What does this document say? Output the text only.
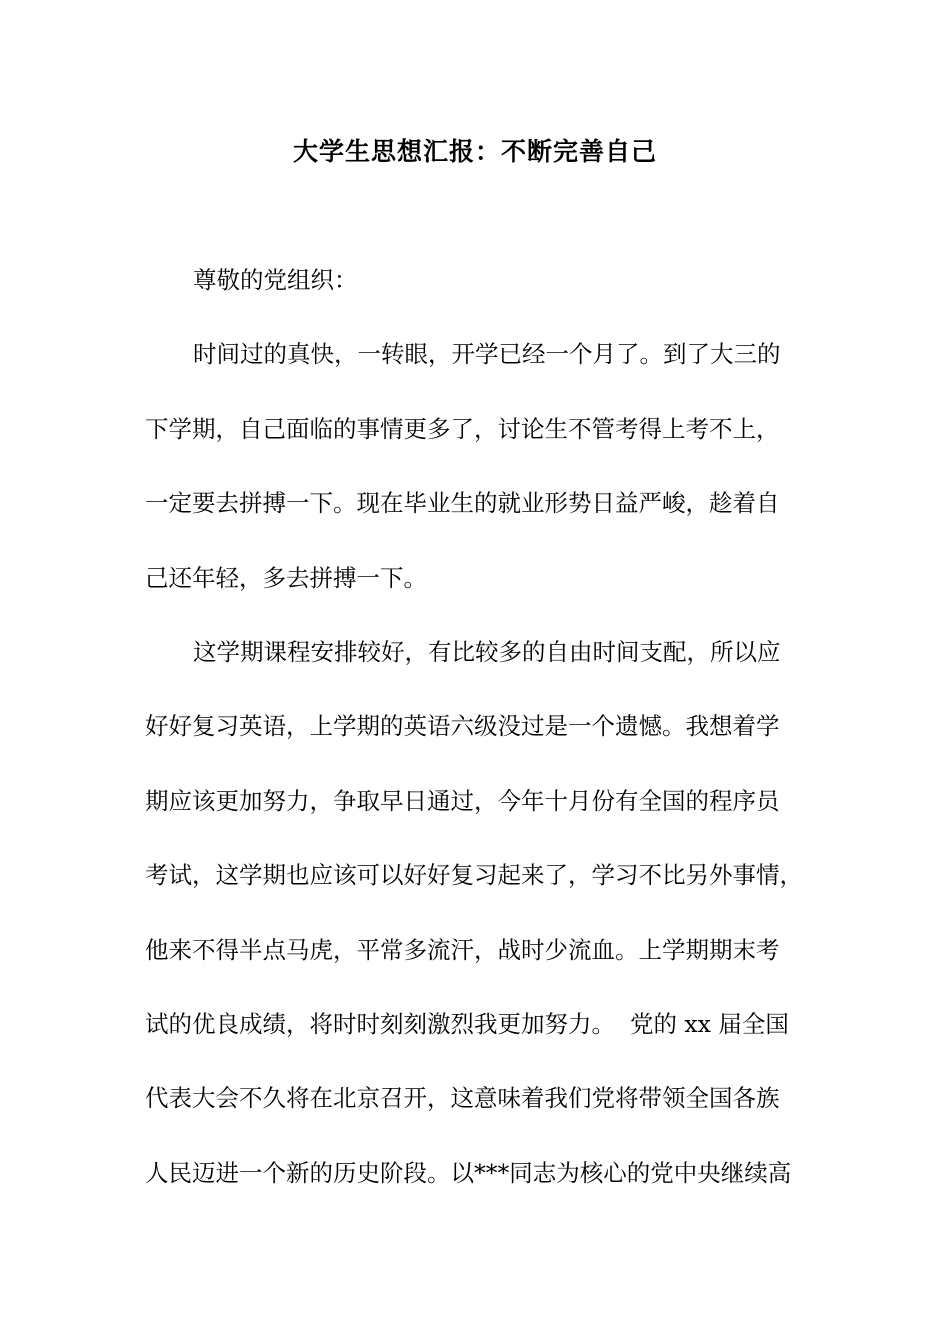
大学生思想汇报：不断完善自己

尊敬的党组织：

时间过的真快，一转眼，开学已经一个月了。到了大三的

下学期，自己面临的事情更多了，讨论生不管考得上考不上，

一定要去拼搏一下。现在毕业生的就业形势日益严峻，趁着自

己还年轻，多去拼搏一下。

这学期课程安排较好，有比较多的自由时间支配，所以应

好好复习英语，上学期的英语六级没过是一个遗憾。我想着学

期应该更加努力，争取早日通过，今年十月份有全国的程序员

考试，这学期也应该可以好好复习起来了，学习不比另外事情，

他来不得半点马虎，平常多流汗，战时少流血。上学期期末考

试的优良成绩，将时时刻刻激烈我更加努力。  党的 xx 届全国

代表大会不久将在北京召开，这意味着我们党将带领全国各族

人民迈进一个新的历史阶段。以***同志为核心的党中央继续高
